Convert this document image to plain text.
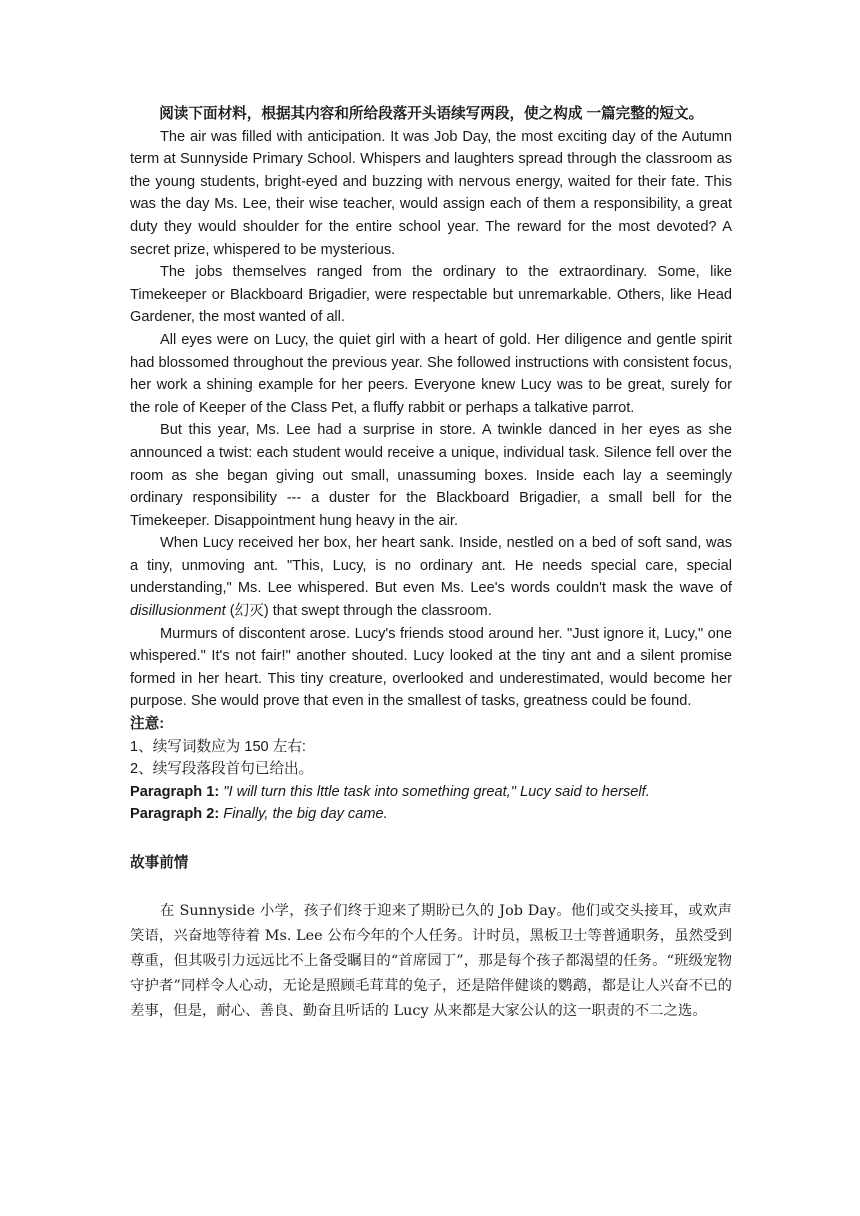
阅读下面材料，根据其内容和所给段落开头语续写两段，使之构成 一篇完整的短文。

The air was filled with anticipation. It was Job Day, the most exciting day of the Autumn term at Sunnyside Primary School. Whispers and laughters spread through the classroom as the young students, bright-eyed and buzzing with nervous energy, waited for their fate. This was the day Ms. Lee, their wise teacher, would assign each of them a responsibility, a great duty they would shoulder for the entire school year. The reward for the most devoted? A secret prize, whispered to be mysterious.

The jobs themselves ranged from the ordinary to the extraordinary. Some, like Timekeeper or Blackboard Brigadier, were respectable but unremarkable. Others, like Head Gardener, the most wanted of all.

All eyes were on Lucy, the quiet girl with a heart of gold. Her diligence and gentle spirit had blossomed throughout the previous year. She followed instructions with consistent focus, her work a shining example for her peers. Everyone knew Lucy was to be great, surely for the role of Keeper of the Class Pet, a fluffy rabbit or perhaps a talkative parrot.

But this year, Ms. Lee had a surprise in store. A twinkle danced in her eyes as she announced a twist: each student would receive a unique, individual task. Silence fell over the room as she began giving out small, unassuming boxes. Inside each lay a seemingly ordinary responsibility --- a duster for the Blackboard Brigadier, a small bell for the Timekeeper. Disappointment hung heavy in the air.

When Lucy received her box, her heart sank. Inside, nestled on a bed of soft sand, was a tiny, unmoving ant. "This, Lucy, is no ordinary ant. He needs special care, special understanding," Ms. Lee whispered. But even Ms. Lee's words couldn't mask the wave of disillusionment (幻灭) that swept through the classroom.

Murmurs of discontent arose. Lucy's friends stood around her. "Just ignore it, Lucy," one whispered." It's not fair!" another shouted. Lucy looked at the tiny ant and a silent promise formed in her heart. This tiny creature, overlooked and underestimated, would become her purpose. She would prove that even in the smallest of tasks, greatness could be found.

注意:

1、续写词数应为 150 左右:

2、续写段落段首句已给出。

Paragraph 1: "I will turn this lttle task into something great," Lucy said to herself.

Paragraph 2: Finally, the big day came.

故事前情

在 Sunnyside 小学，孩子们终于迎来了期盼已久的 Job Day。他们或交头接耳，或欢声笑语，兴奋地等待着 Ms. Lee 公布今年的个人任务。计时员，黑板卫士等普通职务，虽然受到尊重，但其吸引力远远比不上备受瞩目的“首席园丁”，那是每个孩子都渴望的任务。“班级宠物守护者”同样令人心动，无论是照顾毛茸茸的兔子，还是陪伴健谈的鹦鹉，都是让人兴奋不已的差事，但是，耐心、善良、勤奋且听话的 Lucy 从来都是大家公认的这一职责的不二之选。
